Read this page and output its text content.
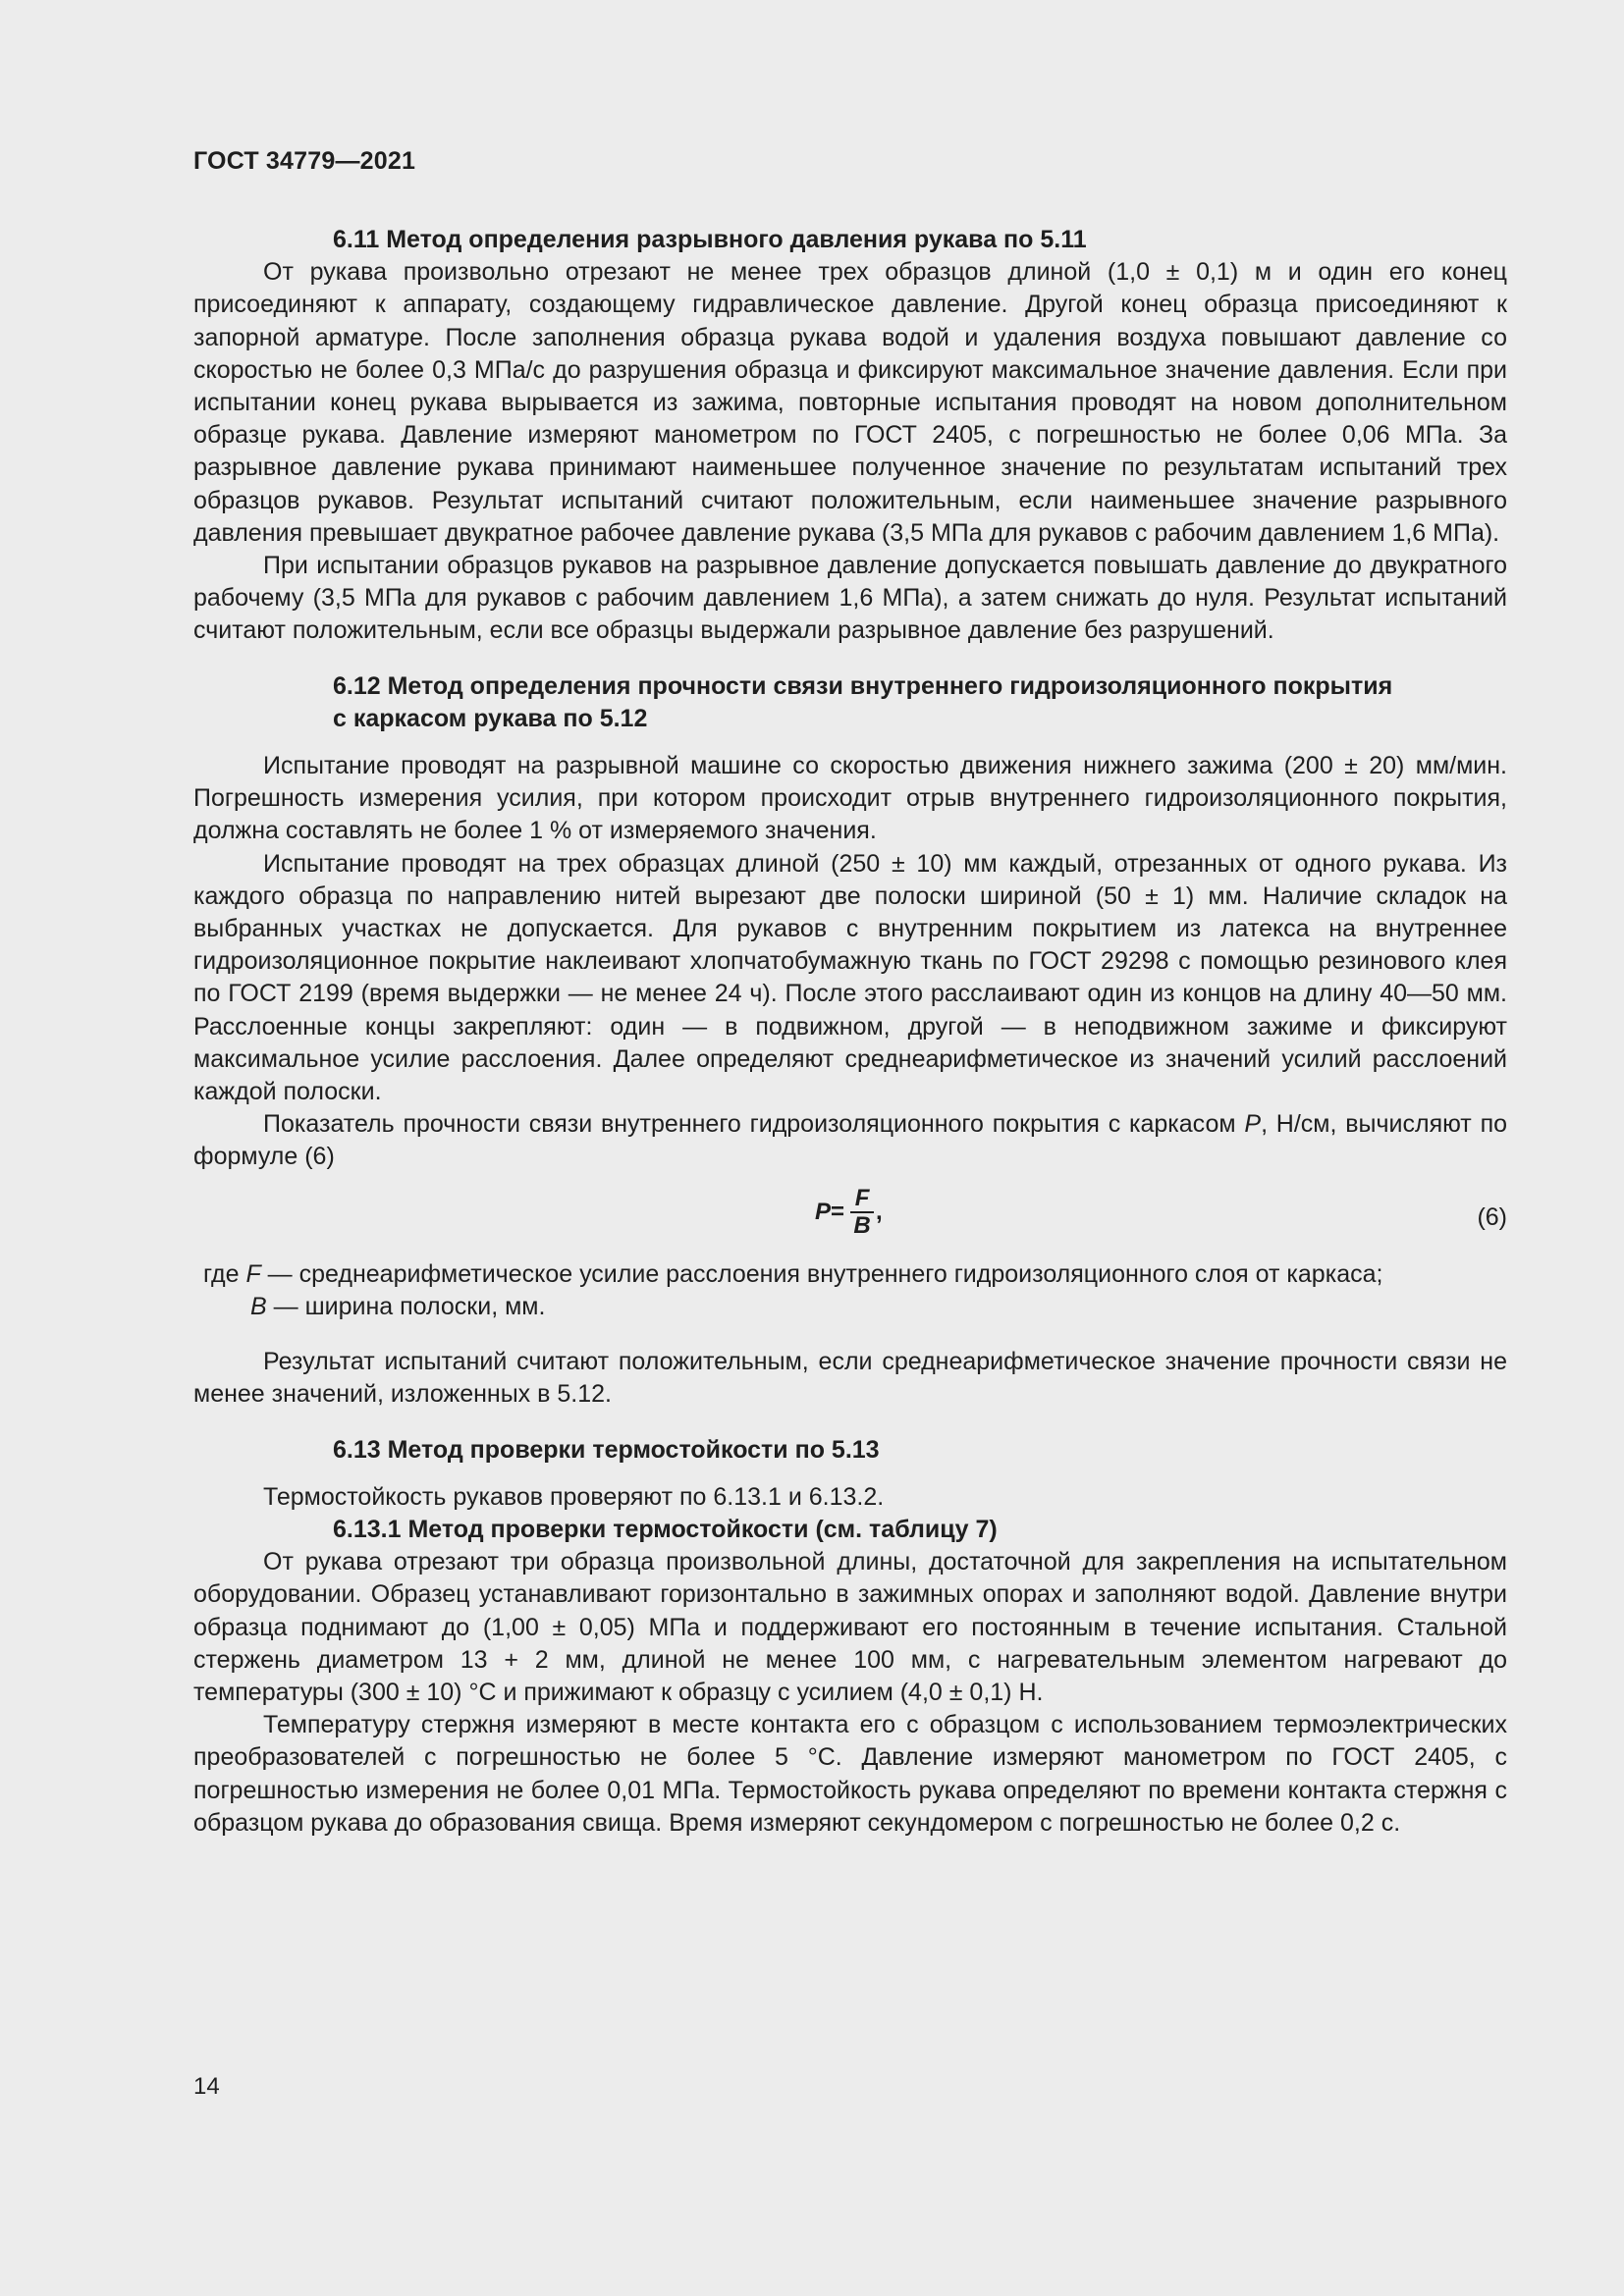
ГОСТ 34779—2021

6.11 Метод определения разрывного давления рукава по 5.11

От рукава произвольно отрезают не менее трех образцов длиной (1,0 ± 0,1) м и один его конец присоединяют к аппарату, создающему гидравлическое давление. Другой конец образца присоединяют к запорной арматуре. После заполнения образца рукава водой и удаления воздуха повышают давление со скоростью не более 0,3 МПа/с до разрушения образца и фиксируют максимальное значение давления. Если при испытании конец рукава вырывается из зажима, повторные испытания проводят на новом дополнительном образце рукава. Давление измеряют манометром по ГОСТ 2405, с погрешностью не более 0,06 МПа. За разрывное давление рукава принимают наименьшее полученное значение по результатам испытаний трех образцов рукавов. Результат испытаний считают положительным, если наименьшее значение разрывного давления превышает двукратное рабочее давление рукава (3,5 МПа для рукавов с рабочим давлением 1,6 МПа).

При испытании образцов рукавов на разрывное давление допускается повышать давление до двукратного рабочему (3,5 МПа для рукавов с рабочим давлением 1,6 МПа), а затем снижать до нуля. Результат испытаний считают положительным, если все образцы выдержали разрывное давление без разрушений.

6.12 Метод определения прочности связи внутреннего гидроизоляционного покрытия

с каркасом рукава по 5.12

Испытание проводят на разрывной машине со скоростью движения нижнего зажима (200 ± 20) мм/мин. Погрешность измерения усилия, при котором происходит отрыв внутреннего гидроизоляционного покрытия, должна составлять не более 1 % от измеряемого значения.

Испытание проводят на трех образцах длиной (250 ± 10) мм каждый, отрезанных от одного рукава. Из каждого образца по направлению нитей вырезают две полоски шириной (50 ± 1) мм. Наличие складок на выбранных участках не допускается. Для рукавов с внутренним покрытием из латекса на внутреннее гидроизоляционное покрытие наклеивают хлопчатобумажную ткань по ГОСТ 29298 с помощью резинового клея по ГОСТ 2199 (время выдержки — не менее 24 ч). После этого расслаивают один из концов на длину 40—50 мм. Расслоенные концы закрепляют: один — в подвижном, другой — в неподвижном зажиме и фиксируют максимальное усилие расслоения. Далее определяют среднеарифметическое из значений усилий расслоений каждой полоски.

Показатель прочности связи внутреннего гидроизоляционного покрытия с каркасом P, Н/см, вычисляют по формуле (6)

$P = \frac{F}{B}$ ,	(6)

где F — среднеарифметическое усилие расслоения внутреннего гидроизоляционного слоя от каркаса;

B — ширина полоски, мм.

Результат испытаний считают положительным, если среднеарифметическое значение прочности связи не менее значений, изложенных в 5.12.

6.13 Метод проверки термостойкости по 5.13

Термостойкость рукавов проверяют по 6.13.1 и 6.13.2.

6.13.1 Метод проверки термостойкости (см. таблицу 7)

От рукава отрезают три образца произвольной длины, достаточной для закрепления на испытательном оборудовании. Образец устанавливают горизонтально в зажимных опорах и заполняют водой. Давление внутри образца поднимают до (1,00 ± 0,05) МПа и поддерживают его постоянным в течение испытания. Стальной стержень диаметром 13 + 2 мм, длиной не менее 100 мм, с нагревательным элементом нагревают до температуры (300 ± 10) °С и прижимают к образцу с усилием (4,0 ± 0,1) Н.

Температуру стержня измеряют в месте контакта его с образцом с использованием термоэлектрических преобразователей с погрешностью не более 5 °С. Давление измеряют манометром по ГОСТ 2405, с погрешностью измерения не более 0,01 МПа. Термостойкость рукава определяют по времени контакта стержня с образцом рукава до образования свища. Время измеряют секундомером с погрешностью не более 0,2 с.

14
